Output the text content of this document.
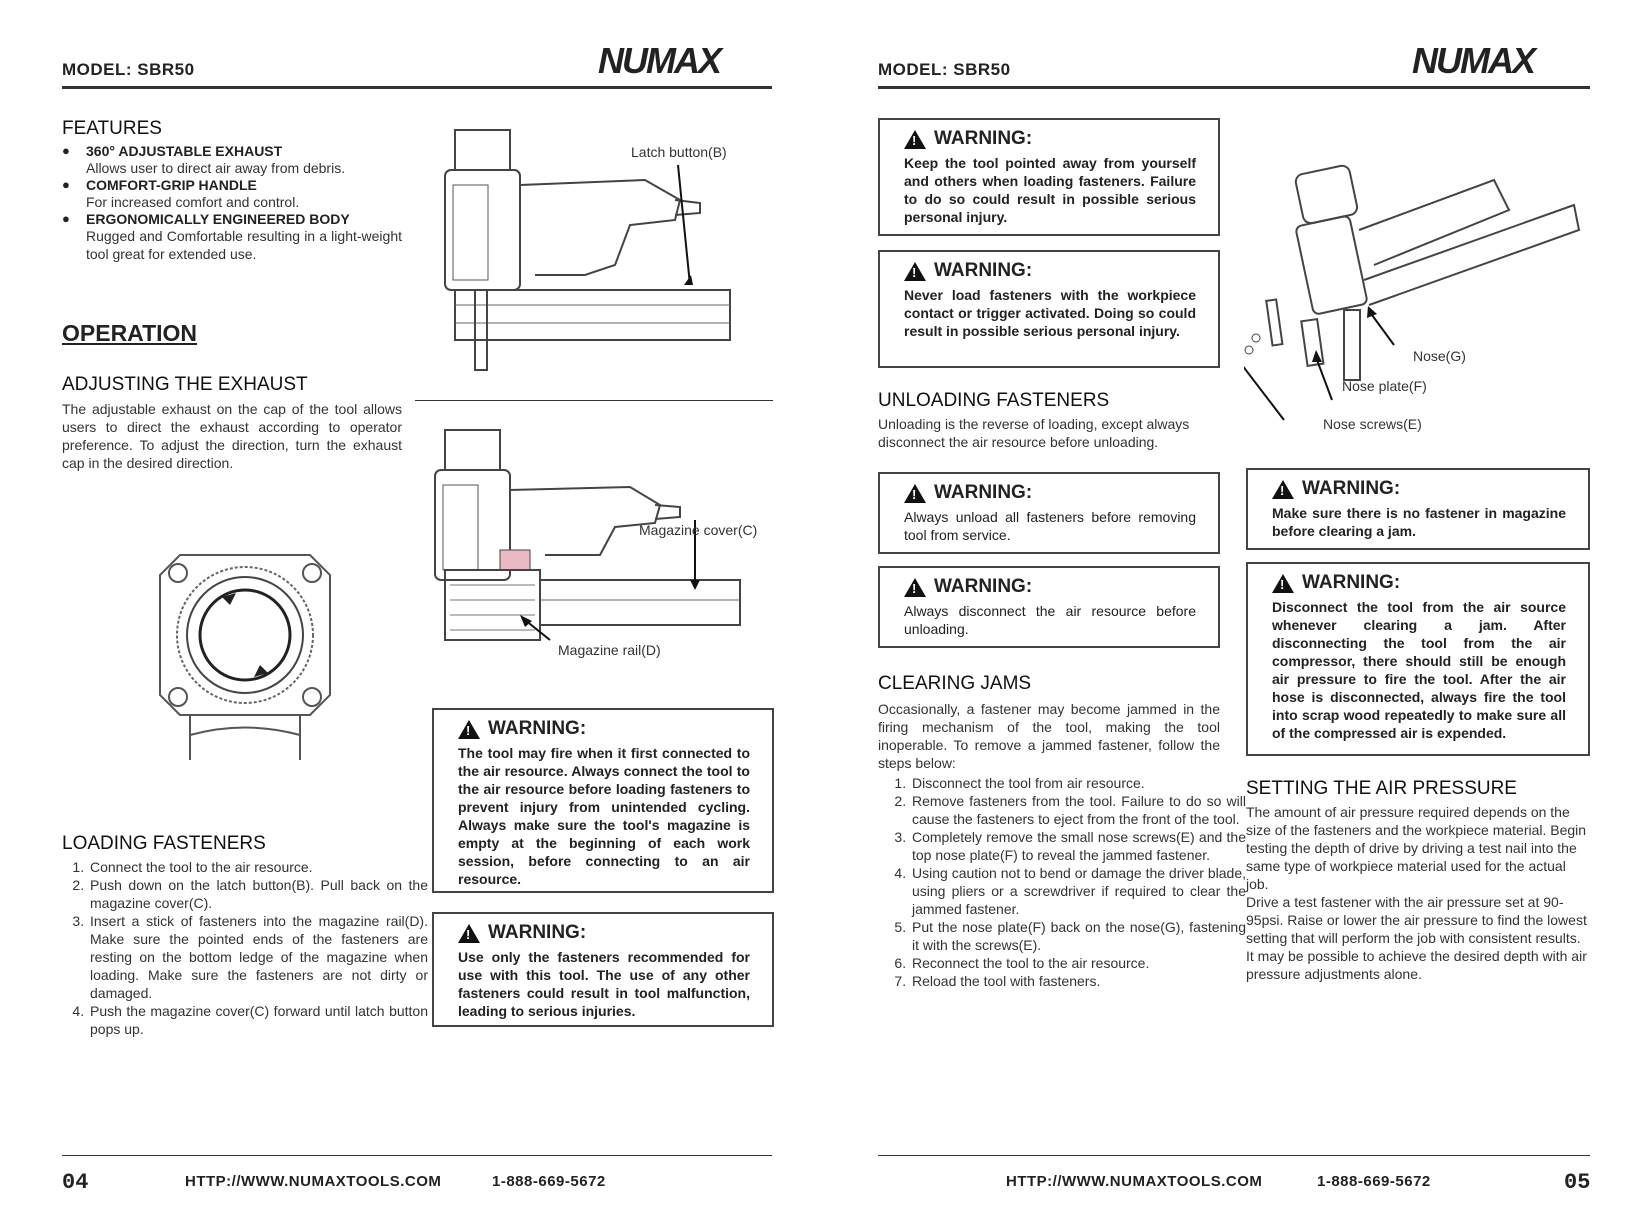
MODEL: SBR50	NUMAX
FEATURES
● 360° ADJUSTABLE EXHAUST
Allows user to direct air away from debris.
● COMFORT-GRIP HANDLE
For increased comfort and control.
● ERGONOMICALLY ENGINEERED BODY
Rugged and Comfortable resulting in a light-weight tool great for extended use.
OPERATION
ADJUSTING THE EXHAUST
The adjustable exhaust on the cap of the tool allows users to direct the exhaust according to operator preference. To adjust the direction, turn the exhaust cap in the desired direction.
Latch button(B)
Magazine cover(C)
Magazine rail(D)
!
WARNING:
The tool may fire when it first connected to the air resource. Always connect the tool to the air resource before loading fasteners to prevent injury from unintended cycling. Always make sure the tool's magazine is empty at the beginning of each work session, before connecting to an air resource.
!
WARNING:
Use only the fasteners recommended for use with this tool. The use of any other fasteners could result in tool malfunction, leading to serious injuries.
LOADING FASTENERS
1. Connect the tool to the air resource.
2. Push down on the latch button(B). Pull back on the magazine cover(C).
3. Insert a stick of fasteners into the magazine rail(D). Make sure the pointed ends of the fasteners are resting on the bottom ledge of the magazine when loading. Make sure the fasteners are not dirty or damaged.
4. Push the magazine cover(C) forward until latch button pops up.
04	HTTP://WWW.NUMAXTOOLS.COM	1-888-669-5672
MODEL: SBR50	NUMAX
!
WARNING:
Keep the tool pointed away from yourself and others when loading fasteners. Failure to do so could result in possible serious personal injury.
!
WARNING:
Never load fasteners with the workpiece contact or trigger activated. Doing so could result in possible serious personal injury.
UNLOADING FASTENERS
Unloading is the reverse of loading, except always disconnect the air resource before unloading.
!
WARNING:
Always unload all fasteners before removing tool from service.
!
WARNING:
Always disconnect the air resource before unloading.
CLEARING JAMS
Occasionally, a fastener may become jammed in the firing mechanism of the tool, making the tool inoperable. To remove a jammed fastener, follow the steps below:
1. Disconnect the tool from air resource.
2. Remove fasteners from the tool. Failure to do so will cause the fasteners to eject from the front of the tool.
3. Completely remove the small nose screws(E) and the top nose plate(F) to reveal the jammed fastener.
4. Using caution not to bend or damage the driver blade, using pliers or a screwdriver if required to clear the jammed fastener.
5. Put the nose plate(F) back on the nose(G), fastening it with the screws(E).
6. Reconnect the tool to the air resource.
7. Reload the tool with fasteners.
Nose(G)
Nose plate(F)
Nose screws(E)
!
WARNING:
Make sure there is no fastener in magazine before clearing a jam.
!
WARNING:
Disconnect the tool from the air source whenever clearing a jam. After disconnecting the tool from the air compressor, there should still be enough air pressure to fire the tool. After the air hose is disconnected, always fire the tool into scrap wood repeatedly to make sure all of the compressed air is expended.
SETTING THE AIR PRESSURE
The amount of air pressure required depends on the size of the fasteners and the workpiece material. Begin testing the depth of drive by driving a test nail into the same type of workpiece material used for the actual job.
Drive a test fastener with the air pressure set at 90-95psi. Raise or lower the air pressure to find the lowest setting that will perform the job with consistent results.
It may be possible to achieve the desired depth with air pressure adjustments alone.
HTTP://WWW.NUMAXTOOLS.COM	1-888-669-5672	05
